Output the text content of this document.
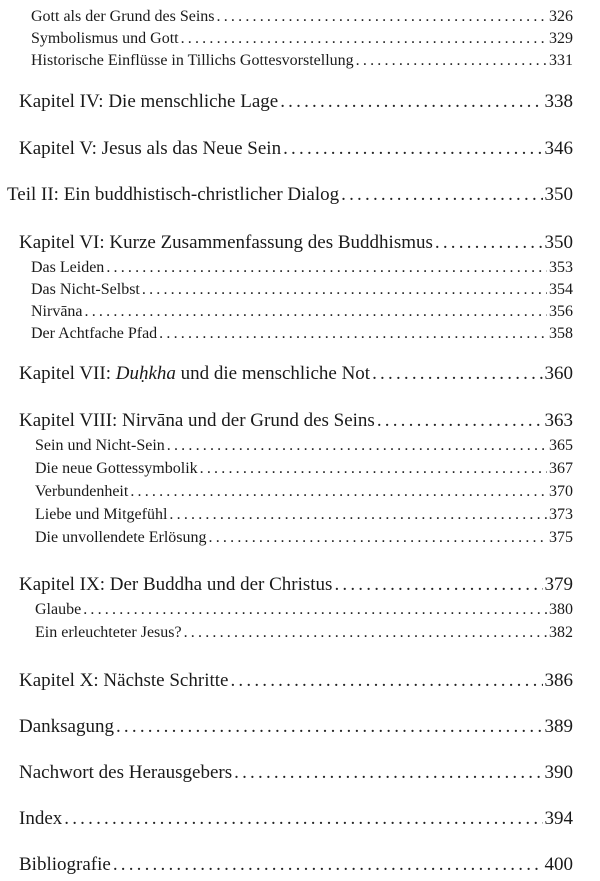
Gott als der Grund des Seins .....	326
Symbolismus und Gott .....	329
Historische Einflüsse in Tillichs Gottesvorstellung .....	331
Kapitel IV: Die menschliche Lage .....	338
Kapitel V: Jesus als das Neue Sein .....	346
Teil II: Ein buddhistisch-christlicher Dialog .....	350
Kapitel VI: Kurze Zusammenfassung des Buddhismus .....	350
Das Leiden .....	353
Das Nicht-Selbst .....	354
Nirvāna .....	356
Der Achtfache Pfad .....	358
Kapitel VII: Duḥkha und die menschliche Not .....	360
Kapitel VIII: Nirvāna und der Grund des Seins .....	363
Sein und Nicht-Sein .....	365
Die neue Gottessymbolik .....	367
Verbundenheit .....	370
Liebe und Mitgefühl .....	373
Die unvollendete Erlösung .....	375
Kapitel IX: Der Buddha und der Christus .....	379
Glaube .....	380
Ein erleuchteter Jesus? .....	382
Kapitel X: Nächste Schritte .....	386
Danksagung .....	389
Nachwort des Herausgebers .....	390
Index .....	394
Bibliografie .....	400
